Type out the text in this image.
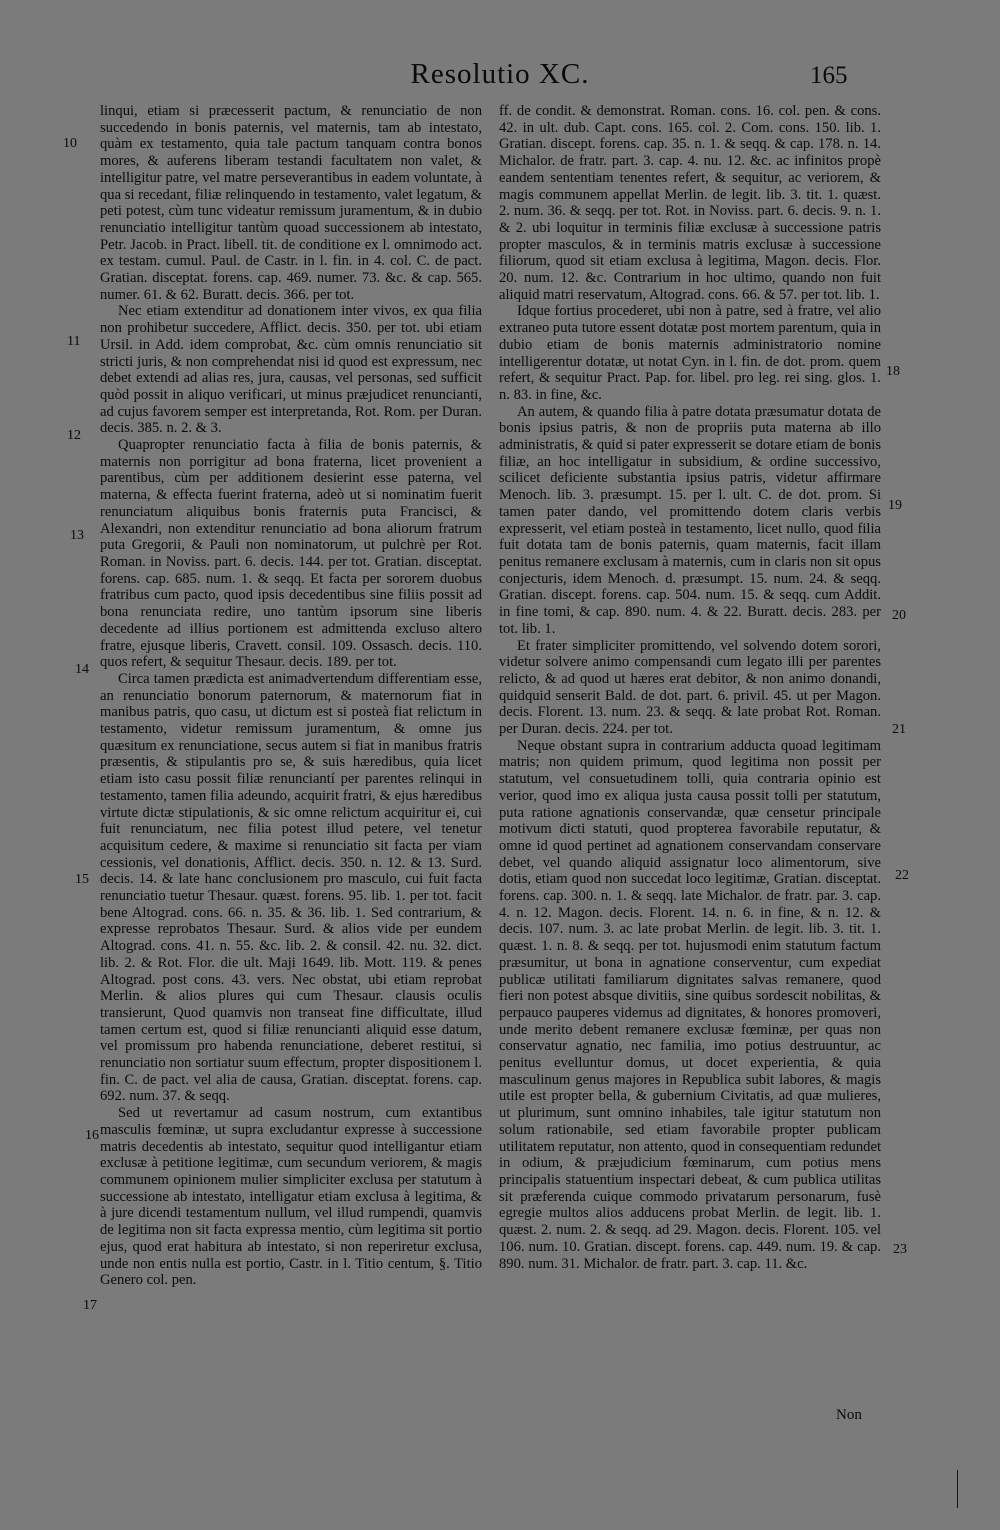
Resolutio XC.	165

linqui, etiam si præcesserit pactum, & renunciatio de non succedendo in bonis paternis, vel maternis, tam ab intestato, quàm ex testamento, quia tale pactum tanquam contra bonos mores, & auferens liberam testandi facultatem non valet, & intelligitur patre, vel matre perseverantibus in eadem voluntate, à qua si recedant, filiæ relinquendo in testamento, valet legatum, & peti potest, cùm tunc videatur remissum juramentum, & in dubio renunciatio intelligitur tantùm quoad successionem ab intestato, Petr. Jacob. in Pract. libell. tit. de conditione ex l. omnimodo act. ex testam. cumul. Paul. de Castr. in l. fin. in 4. col. C. de pact. Gratian. disceptat. forens. cap. 469. numer. 73. &c. & cap. 565. numer. 61. & 62. Buratt. decis. 366. per tot.

Nec etiam extenditur ad donationem inter vivos, ex qua filia non prohibetur succedere, Afflict. decis. 350. per tot. ubi etiam Ursil. in Add. idem comprobat, &c. cùm omnis renunciatio sit stricti juris, & non comprehendat nisi id quod est expressum, nec debet extendi ad alias res, jura, causas, vel personas, sed sufficit quòd possit in aliquo verificari, ut minus præjudicet renuncianti, ad cujus favorem semper est interpretanda, Rot. Rom. per Duran. decis. 385. n. 2. & 3.

Quapropter renunciatio facta à filia de bonis paternis, & maternis non porrigitur ad bona fraterna, licet provenient a parentibus, cùm per additionem desierint esse paterna, vel materna, & effecta fuerint fraterna, adeò ut si nominatim fuerit renunciatum aliquibus bonis fraternis puta Francisci, & Alexandri, non extenditur renunciatio ad bona aliorum fratrum puta Gregorii, & Pauli non nominatorum, ut pulchrè per Rot. Roman. in Noviss. part. 6. decis. 144. per tot. Gratian. disceptat. forens. cap. 685. num. 1. & seqq. Et facta per sororem duobus fratribus cum pacto, quod ipsis decedentibus sine filiis possit ad bona renunciata redire, uno tantùm ipsorum sine liberis decedente ad illius portionem est admittenda excluso altero fratre, ejusque liberis, Cravett. consil. 109. Ossasch. decis. 110. quos refert, & sequitur Thesaur. decis. 189. per tot.

Circa tamen prædicta est animadvertendum differentiam esse, an renunciatio bonorum paternorum, & maternorum fiat in manibus patris, quo casu, ut dictum est si posteà fiat relictum in testamento, videtur remissum juramentum, & omne jus quæsitum ex renunciatione, secus autem si fiat in manibus fratris præsentis, & stipulantis pro se, & suis hæredibus, quia licet etiam isto casu possit filiæ renunciantí per parentes relinqui in testamento, tamen filia adeundo, acquirit fratri, & ejus hæredibus virtute dictæ stipulationis, & sic omne relictum acquiritur ei, cui fuit renunciatum, nec filia potest illud petere, vel tenetur acquisitum cedere, & maxime si renunciatio sit facta per viam cessionis, vel donationis, Afflict. decis. 350. n. 12. & 13. Surd. decis. 14. & late hanc conclusionem pro masculo, cui fuit facta renunciatio tuetur Thesaur. quæst. forens. 95. lib. 1. per tot. facit bene Altograd. cons. 66. n. 35. & 36. lib. 1. Sed contrarium, & expresse reprobatos Thesaur. Surd. & alios vide per eundem Altograd. cons. 41. n. 55. &c. lib. 2. & consil. 42. nu. 32. dict. lib. 2. & Rot. Flor. die ult. Maji 1649. lib. Mott. 119. & penes Altograd. post cons. 43. vers. Nec obstat, ubi etiam reprobat Merlin. & alios plures qui cum Thesaur. clausis oculis transierunt, Quod quamvis non transeat fine difficultate, illud tamen certum est, quod si filiæ renuncianti aliquid esse datum, vel promissum pro habenda renunciatione, deberet restitui, si renunciatio non sortiatur suum effectum, propter dispositionem l. fin. C. de pact. vel alia de causa, Gratian. disceptat. forens. cap. 692. num. 37. & seqq.

Sed ut revertamur ad casum nostrum, cum extantibus masculis fœminæ, ut supra excludantur expresse à successione matris decedentis ab intestato, sequitur quod intelligantur etiam exclusæ à petitione legitimæ, cum secundum veriorem, & magis communem opinionem mulier simpliciter exclusa per statutum à successione ab intestato, intelligatur etiam exclusa à legitima, & à jure dicendi testamentum nullum, vel illud rumpendi, quamvis de legitima non sit facta expressa mentio, cùm legitima sit portio ejus, quod erat habitura ab intestato, si non reperiretur exclusa, unde non entis nulla est portio, Castr. in l. Titio centum, §. Titio Genero col. pen.

ff. de condit. & demonstrat. Roman. cons. 16. col. pen. & cons. 42. in ult. dub. Capt. cons. 165. col. 2. Com. cons. 150. lib. 1. Gratian. discept. forens. cap. 35. n. 1. & seqq. & cap. 178. n. 14. Michalor. de fratr. part. 3. cap. 4. nu. 12. &c. ac infinitos propè eandem sententiam tenentes refert, & sequitur, ac veriorem, & magis communem appellat Merlin. de legit. lib. 3. tit. 1. quæst. 2. num. 36. & seqq. per tot. Rot. in Noviss. part. 6. decis. 9. n. 1. & 2. ubi loquitur in terminis filiæ exclusæ à successione patris propter masculos, & in terminis matris exclusæ à successione filiorum, quod sit etiam exclusa à legitima, Magon. decis. Flor. 20. num. 12. &c. Contrarium in hoc ultimo, quando non fuit aliquid matri reservatum, Altograd. cons. 66. & 57. per tot. lib. 1.

Idque fortius procederet, ubi non à patre, sed à fratre, vel alio extraneo puta tutore essent dotatæ post mortem parentum, quia in dubio etiam de bonis maternis administratorio nomine intelligerentur dotatæ, ut notat Cyn. in l. fin. de dot. prom. quem refert, & sequitur Pract. Pap. for. libel. pro leg. rei sing. glos. 1. n. 83. in fine, &c.

An autem, & quando filia à patre dotata præsumatur dotata de bonis ipsius patris, & non de propriis puta materna ab illo administratis, & quid si pater expresserit se dotare etiam de bonis filiæ, an hoc intelligatur in subsidium, & ordine successivo, scilicet deficiente substantia ipsius patris, videtur affirmare Menoch. lib. 3. præsumpt. 15. per l. ult. C. de dot. prom. Si tamen pater dando, vel promittendo dotem claris verbis expresserit, vel etiam posteà in testamento, licet nullo, quod filia fuit dotata tam de bonis paternis, quam maternis, facit illam penitus remanere exclusam à maternis, cum in claris non sit opus conjecturis, idem Menoch. d. præsumpt. 15. num. 24. & seqq. Gratian. discept. forens. cap. 504. num. 15. & seqq. cum Addit. in fine tomi, & cap. 890. num. 4. & 22. Buratt. decis. 283. per tot. lib. 1.

Et frater simpliciter promittendo, vel solvendo dotem sorori, videtur solvere animo compensandi cum legato illi per parentes relicto, & ad quod ut hæres erat debitor, & non animo donandi, quidquid senserit Bald. de dot. part. 6. privil. 45. ut per Magon. decis. Florent. 13. num. 23. & seqq. & late probat Rot. Roman. per Duran. decis. 224. per tot.

Neque obstant supra in contrarium adducta quoad legitimam matris; non quidem primum, quod legitima non possit per statutum, vel consuetudinem tolli, quia contraria opinio est verior, quod imo ex aliqua justa causa possit tolli per statutum, puta ratione agnationis conservandæ, quæ censetur principale motivum dicti statuti, quod propterea favorabile reputatur, & omne id quod pertinet ad agnationem conservandam conservare debet, vel quando aliquid assignatur loco alimentorum, sive dotis, etiam quod non succedat loco legitimæ, Gratian. disceptat. forens. cap. 300. n. 1. & seqq. late Michalor. de fratr. par. 3. cap. 4. n. 12. Magon. decis. Florent. 14. n. 6. in fine, & n. 12. & decis. 107. num. 3. ac late probat Merlin. de legit. lib. 3. tit. 1. quæst. 1. n. 8. & seqq. per tot. hujusmodi enim statutum factum præsumitur, ut bona in agnatione conserventur, cum expediat publicæ utilitati familiarum dignitates salvas remanere, quod fieri non potest absque divitiis, sine quibus sordescit nobilitas, & perpauco pauperes videmus ad dignitates, & honores promoveri, unde merito debent remanere exclusæ fœminæ, per quas non conservatur agnatio, nec familia, imo potius destruuntur, ac penitus evelluntur domus, ut docet experientia, & quia masculinum genus majores in Republica subit labores, & magis utile est propter bella, & gubernium Civitatis, ad quæ mulieres, ut plurimum, sunt omnino inhabiles, tale igitur statutum non solum rationabile, sed etiam favorabile propter publicam utilitatem reputatur, non attento, quod in consequentiam redundet in odium, & præjudicium fœminarum, cum potius mens principalis statuentium inspectari debeat, & cum publica utilitas sit præferenda cuique commodo privatarum personarum, fusè egregie multos alios adducens probat Merlin. de legit. lib. 1. quæst. 2. num. 2. & seqq. ad 29. Magon. decis. Florent. 105. vel 106. num. 10. Gratian. discept. forens. cap. 449. num. 19. & cap. 890. num. 31. Michalor. de fratr. part. 3. cap. 11. &c.

10
11
12
13
14
15
16
17
18
19
20
21
22
23
Non
